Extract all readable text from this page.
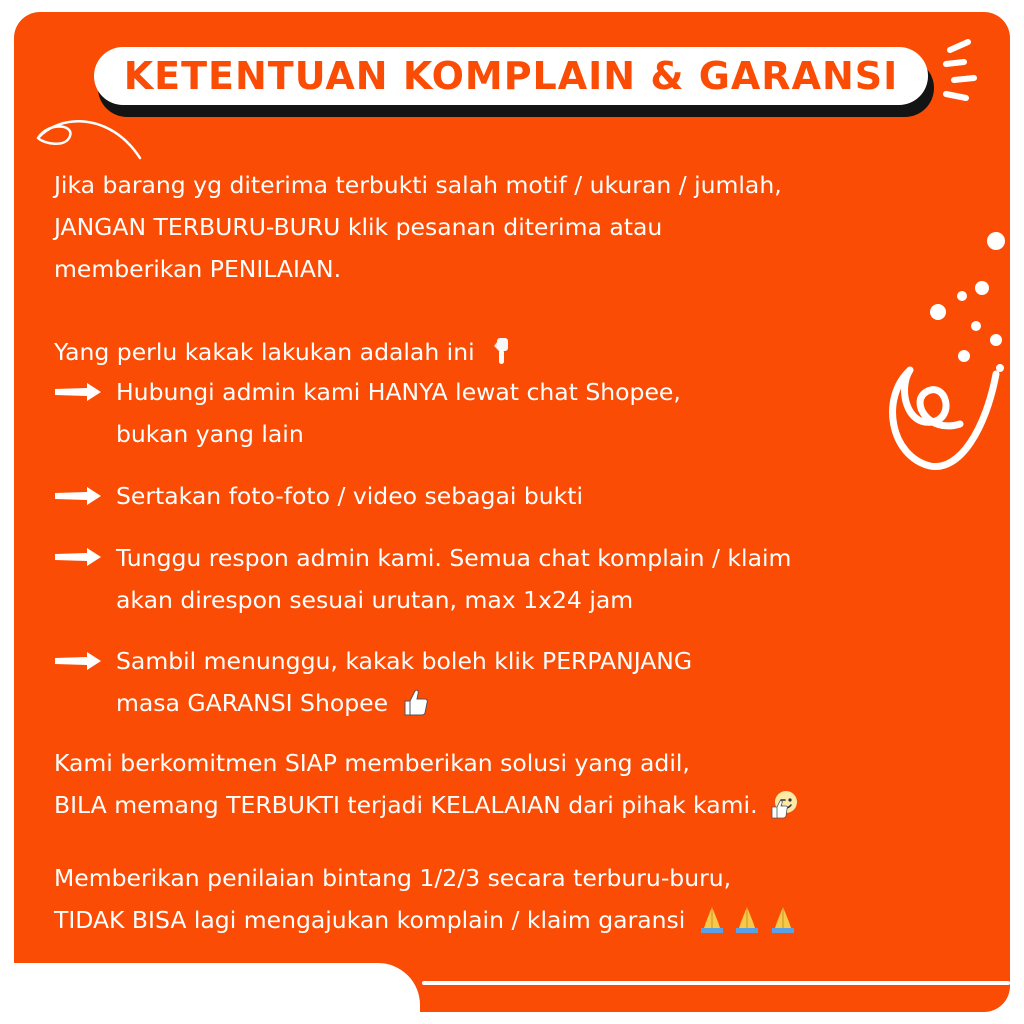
KETENTUAN KOMPLAIN & GARANSI
Jika barang yg diterima terbukti salah motif / ukuran / jumlah,
JANGAN TERBURU-BURU klik pesanan diterima atau
memberikan PENILAIAN.
Yang perlu kakak lakukan adalah ini
Hubungi admin kami HANYA lewat chat Shopee,
bukan yang lain
Sertakan foto-foto / video sebagai bukti
Tunggu respon admin kami. Semua chat komplain / klaim
akan direspon sesuai urutan, max 1x24 jam
Sambil menunggu, kakak boleh klik PERPANJANG
masa GARANSI Shopee
Kami berkomitmen SIAP memberikan solusi yang adil,
BILA memang TERBUKTI terjadi KELALAIAN dari pihak kami.
Memberikan penilaian bintang 1/2/3 secara terburu-buru,
TIDAK BISA lagi mengajukan komplain / klaim garansi
